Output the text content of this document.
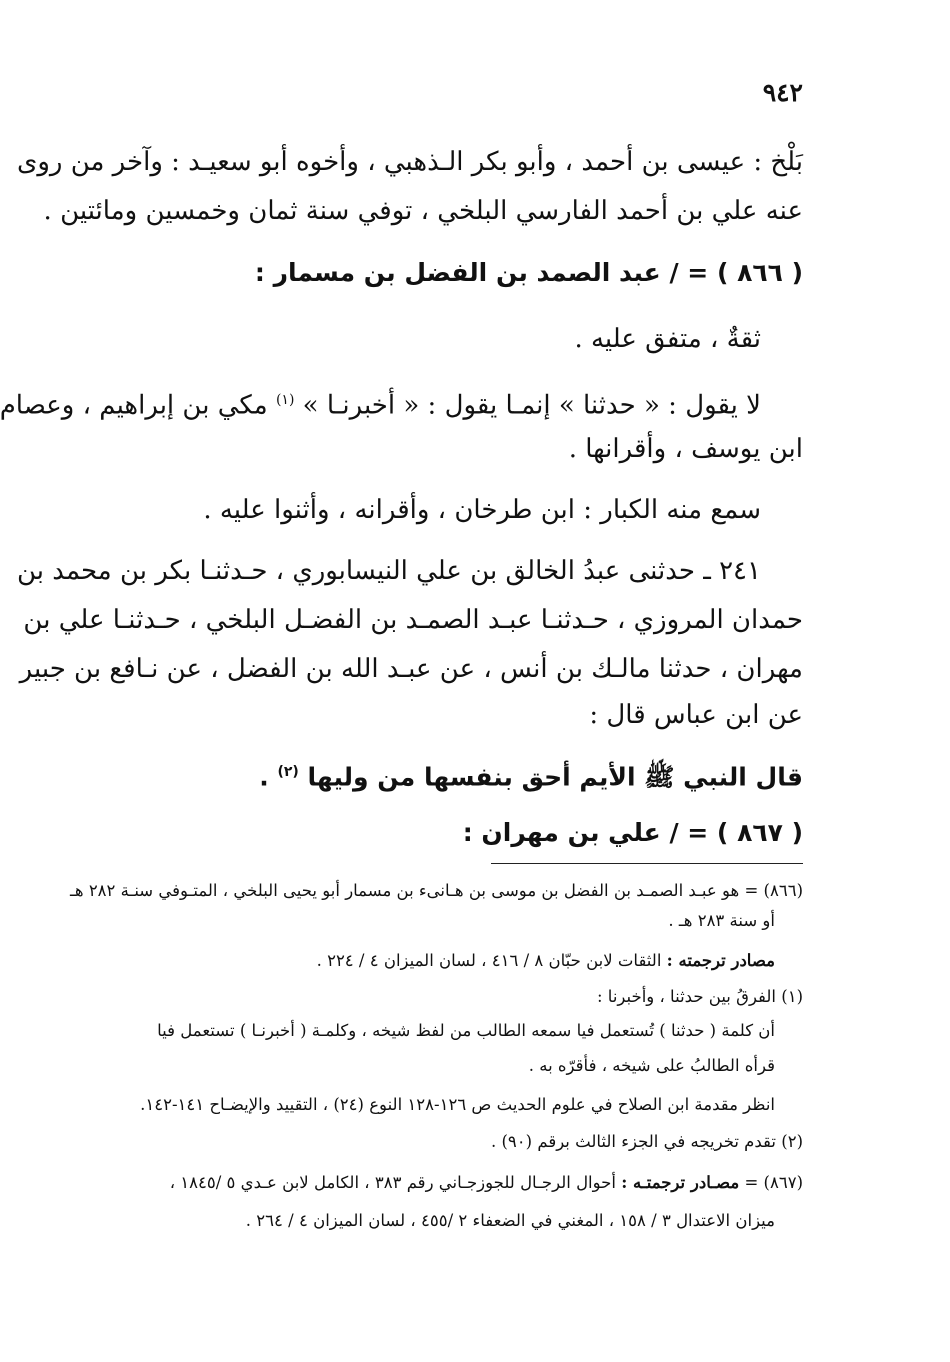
٩٤٢
بَلْخ : عيسى بن أحمد ، وأبو بكر الـذهبي ، وأخوه أبو سعيـد : وآخر من روى
عنه علي بن أحمد الفارسي البلخي ، توفي سنة ثمان وخمسين ومائتين .
( ٨٦٦ ) = / عبد الصمد بن الفضل بن مسمار :
ثقةٌ ، متفق عليه .
لا يقول : « حدثنا » إنمـا يقول : « أخبرنـا » $^{(١)}$ مكي بن إبراهيم ، وعصام
ابن يوسف ، وأقرانها .
سمع منه الكبار : ابن طرخان ، وأقرانه ، وأثنوا عليه .
٢٤١ ـ حدثنى عبدُ الخالق بن علي النيسابوري ، حـدثنـا بكر بن محمد بن
حمدان المروزي ، حـدثنـا عبـد الصمـد بن الفضـل البلخي ، حـدثنـا علي بن
مهران ، حدثنا مالـك بن أنس ، عن عبـد الله بن الفضل ، عن نـافع بن جبير
عن ابن عباس قال :
قال النبي ﷺ الأيم أحق بنفسها من وليها $^{(٢)}$ .
( ٨٦٧ ) = / علي بن مهران :
(٨٦٦) = هو عبـد الصمـد بن الفضل بن موسى بن هـانىء بن مسمار أبو يحيى البلخي ، المتـوفي سنـة ٢٨٢ هـ
أو سنة ٢٨٣ هـ .
مصادر ترجمته : الثقات لابن حبّان ٨ / ٤١٦ ، لسان الميزان ٤ / ٢٢٤ .
(١) الفرقُ بين حدثنا ، وأخبرنا :
أن كلمة ( حدثنا ) تُستعمل فيا سمعه الطالب من لفظ شيخه ، وكلمـة ( أخبرنـا ) تستعمل فيا
قرأه الطالبُ على شيخه ، فأقرّه به .
انظر مقدمة ابن الصلاح في علوم الحديث ص ١٢٦-١٢٨ النوع (٢٤) ، التقييد والإيضـاح ١٤١-١٤٢.
(٢) تقدم تخريجه في الجزء الثالث برقم (٩٠) .
(٨٦٧) = مصـادر ترجمتـه : أحوال الرجـال للجوزجـاني رقم ٣٨٣ ، الكامل لابن عـدي ٥ /١٨٤٥ ،
ميزان الاعتدال ٣ / ١٥٨ ، المغني في الضعفاء ٢ /٤٥٥ ، لسان الميزان ٤ / ٢٦٤ .
